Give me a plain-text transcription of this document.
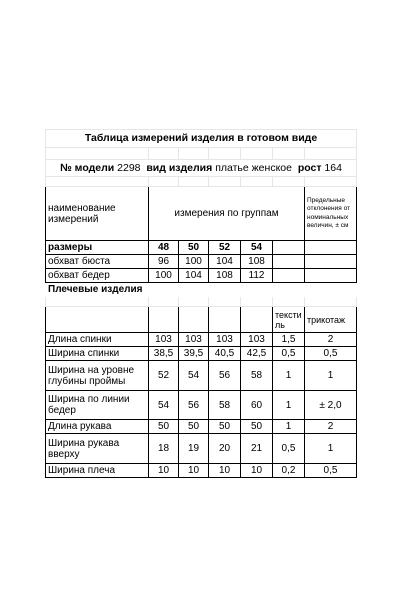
Таблица измерений изделия в готовом виде						

№ модели 2298 вид изделия платье женское рост 164						

наименование измерений	измерения по группам					Предельные отклонения от номинальных величин, ± см
размеры	48	50	52	54		
обхват бюста	96	100	104	108		
обхват бедер	100	104	108	112		
Плечевые изделия						

					тексти ль	трикотаж
Длина спинки	103	103	103	103	1,5	2
Ширина спинки	38,5	39,5	40,5	42,5	0,5	0,5
Ширина на уровне глубины проймы	52	54	56	58	1	1
Ширина по линии бедер	54	56	58	60	1	± 2,0
Длина рукава	50	50	50	50	1	2
Ширина рукава вверху	18	19	20	21	0,5	1
Ширина плеча	10	10	10	10	0,2	0,5
